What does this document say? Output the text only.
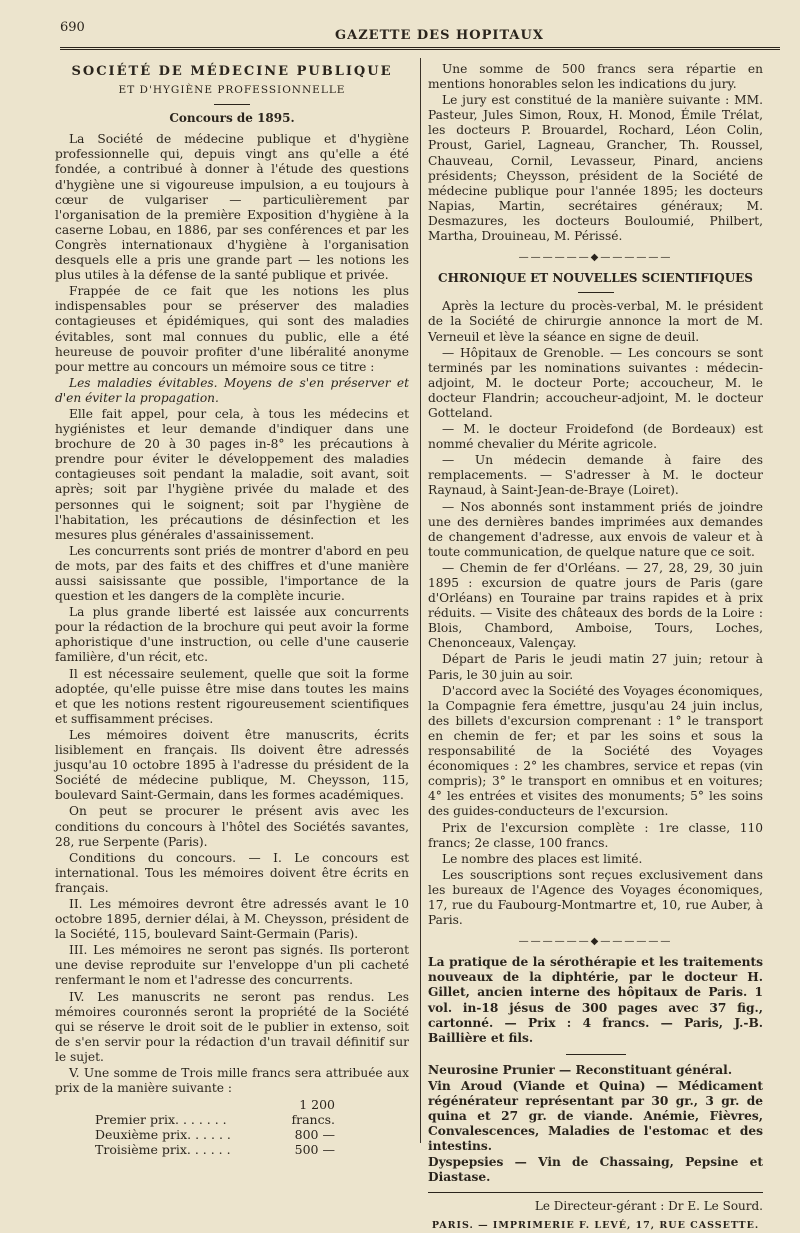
690
GAZETTE DES HOPITAUX
SOCIÉTÉ DE MÉDECINE PUBLIQUE
ET D'HYGIÈNE PROFESSIONNELLE
Concours de 1895.

La Société de médecine publique et d'hygiène professionnelle qui, depuis vingt ans qu'elle a été fondée, a contribué à donner à l'étude des questions d'hygiène une si vigoureuse impulsion, a eu toujours à cœur de vulgariser — particulièrement par l'organisation de la première Exposition d'hygiène à la caserne Lobau, en 1886, par ses conférences et par les Congrès internationaux d'hygiène à l'organisation desquels elle a pris une grande part — les notions les plus utiles à la défense de la santé publique et privée.

Frappée de ce fait que les notions les plus indispensables pour se préserver des maladies contagieuses et épidémiques, qui sont des maladies évitables, sont mal connues du public, elle a été heureuse de pouvoir profiter d'une libéralité anonyme pour mettre au concours un mémoire sous ce titre :

Les maladies évitables. Moyens de s'en préserver et d'en éviter la propagation.

Elle fait appel, pour cela, à tous les médecins et hygiénistes et leur demande d'indiquer dans une brochure de 20 à 30 pages in-8° les précautions à prendre pour éviter le développement des maladies contagieuses soit pendant la maladie, soit avant, soit après; soit par l'hygiène privée du malade et des personnes qui le soignent; soit par l'hygiène de l'habitation, les précautions de désinfection et les mesures plus générales d'assainissement.

Les concurrents sont priés de montrer d'abord en peu de mots, par des faits et des chiffres et d'une manière aussi saisissante que possible, l'importance de la question et les dangers de la complète incurie.

La plus grande liberté est laissée aux concurrents pour la rédaction de la brochure qui peut avoir la forme aphoristique d'une instruction, ou celle d'une causerie familière, d'un récit, etc.

Il est nécessaire seulement, quelle que soit la forme adoptée, qu'elle puisse être mise dans toutes les mains et que les notions restent rigoureusement scientifiques et suffisamment précises.

Les mémoires doivent être manuscrits, écrits lisiblement en français. Ils doivent être adressés jusqu'au 10 octobre 1895 à l'adresse du président de la Société de médecine publique, M. Cheysson, 115, boulevard Saint-Germain, dans les formes académiques.

On peut se procurer le présent avis avec les conditions du concours à l'hôtel des Sociétés savantes, 28, rue Serpente (Paris).

Conditions du concours. — I. Le concours est international. Tous les mémoires doivent être écrits en français.

II. Les mémoires devront être adressés avant le 10 octobre 1895, dernier délai, à M. Cheysson, président de la Société, 115, boulevard Saint-Germain (Paris).

III. Les mémoires ne seront pas signés. Ils porteront une devise reproduite sur l'enveloppe d'un pli cacheté renfermant le nom et l'adresse des concurrents.

IV. Les manuscrits ne seront pas rendus. Les mémoires couronnés seront la propriété de la Société qui se réserve le droit soit de le publier in extenso, soit de s'en servir pour la rédaction d'un travail définitif sur le sujet.

V. Une somme de Trois mille francs sera attribuée aux prix de la manière suivante :

Premier prix. . . . . . .1 200 francs.
Deuxième prix. . . . . .	800 —
Troisième prix. . . . . .	500 —

Une somme de 500 francs sera répartie en mentions honorables selon les indications du jury.

Le jury est constitué de la manière suivante : MM. Pasteur, Jules Simon, Roux, H. Monod, Émile Trélat, les docteurs P. Brouardel, Rochard, Léon Colin, Proust, Gariel, Lagneau, Grancher, Th. Roussel, Chauveau, Cornil, Levasseur, Pinard, anciens présidents; Cheysson, président de la Société de médecine publique pour l'année 1895; les docteurs Napias, Martin, secrétaires généraux; M. Desmazures, les docteurs Bouloumié, Philbert, Martha, Drouineau, M. Périssé.

——————◆——————
CHRONIQUE ET NOUVELLES SCIENTIFIQUES

Après la lecture du procès-verbal, M. le président de la Société de chirurgie annonce la mort de M. Verneuil et lève la séance en signe de deuil.

— Hôpitaux de Grenoble. — Les concours se sont terminés par les nominations suivantes : médecin-adjoint, M. le docteur Porte; accoucheur, M. le docteur Flandrin; accoucheur-adjoint, M. le docteur Gotteland.

— M. le docteur Froidefond (de Bordeaux) est nommé chevalier du Mérite agricole.

— Un médecin demande à faire des remplacements. — S'adresser à M. le docteur Raynaud, à Saint-Jean-de-Braye (Loiret).

— Nos abonnés sont instamment priés de joindre une des dernières bandes imprimées aux demandes de changement d'adresse, aux envois de valeur et à toute communication, de quelque nature que ce soit.

— Chemin de fer d'Orléans. — 27, 28, 29, 30 juin 1895 : excursion de quatre jours de Paris (gare d'Orléans) en Touraine par trains rapides et à prix réduits. — Visite des châteaux des bords de la Loire : Blois, Chambord, Amboise, Tours, Loches, Chenonceaux, Valençay.

Départ de Paris le jeudi matin 27 juin; retour à Paris, le 30 juin au soir.

D'accord avec la Société des Voyages économiques, la Compagnie fera émettre, jusqu'au 24 juin inclus, des billets d'excursion comprenant : 1° le transport en chemin de fer; et par les soins et sous la responsabilité de la Société des Voyages économiques : 2° les chambres, service et repas (vin compris); 3° le transport en omnibus et en voitures; 4° les entrées et visites des monuments; 5° les soins des guides-conducteurs de l'excursion.

Prix de l'excursion complète : 1re classe, 110 francs; 2e classe, 100 francs.

Le nombre des places est limité.

Les souscriptions sont reçues exclusivement dans les bureaux de l'Agence des Voyages économiques, 17, rue du Faubourg-Montmartre et, 10, rue Auber, à Paris.

——————◆——————

La pratique de la sérothérapie et les traitements nouveaux de la diphtérie, par le docteur H. Gillet, ancien interne des hôpitaux de Paris. 1 vol. in-18 jésus de 300 pages avec 37 fig., cartonné. — Prix : 4 francs. — Paris, J.-B. Baillière et fils.

Neurosine Prunier — Reconstituant général.

Vin Aroud (Viande et Quina) — Médicament régénérateur représentant par 30 gr., 3 gr. de quina et 27 gr. de viande. Anémie, Fièvres, Convalescences, Maladies de l'estomac et des intestins.

Dyspepsies — Vin de Chassaing, Pepsine et Diastase.

Le Directeur-gérant : Dr E. Le Sourd.
PARIS. — IMPRIMERIE F. LEVÉ, 17, RUE CASSETTE.
